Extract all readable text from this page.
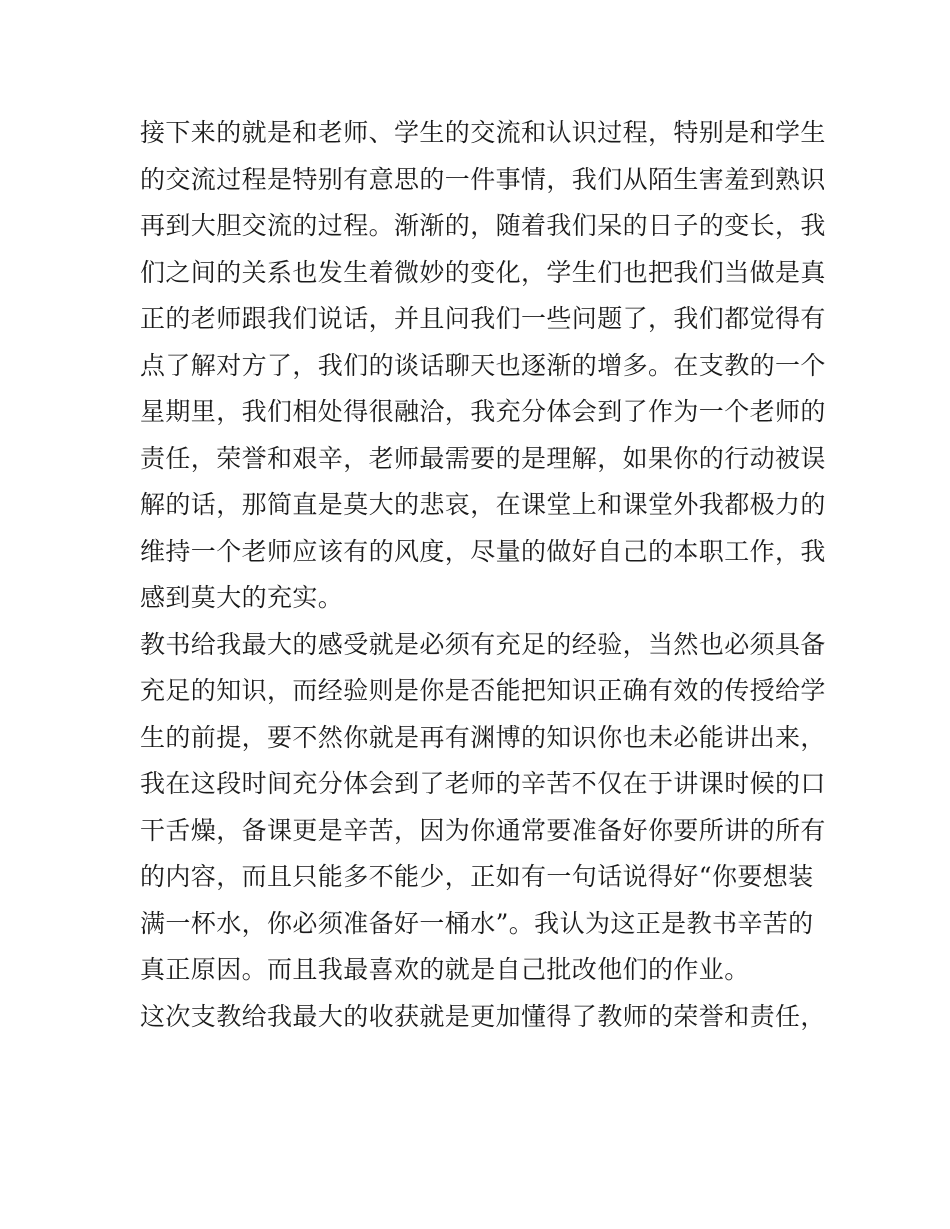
接下来的就是和老师、学生的交流和认识过程，特别是和学生
的交流过程是特别有意思的一件事情，我们从陌生害羞到熟识
再到大胆交流的过程。渐渐的，随着我们呆的日子的变长，我
们之间的关系也发生着微妙的变化，学生们也把我们当做是真
正的老师跟我们说话，并且问我们一些问题了，我们都觉得有
点了解对方了，我们的谈话聊天也逐渐的增多。在支教的一个
星期里，我们相处得很融洽，我充分体会到了作为一个老师的
责任，荣誉和艰辛，老师最需要的是理解，如果你的行动被误
解的话，那简直是莫大的悲哀，在课堂上和课堂外我都极力的
维持一个老师应该有的风度，尽量的做好自己的本职工作，我
感到莫大的充实。
教书给我最大的感受就是必须有充足的经验，当然也必须具备
充足的知识，而经验则是你是否能把知识正确有效的传授给学
生的前提，要不然你就是再有渊博的知识你也未必能讲出来，
我在这段时间充分体会到了老师的辛苦不仅在于讲课时候的口
干舌燥，备课更是辛苦，因为你通常要准备好你要所讲的所有
的内容，而且只能多不能少，正如有一句话说得好“你要想装
满一杯水，你必须准备好一桶水”。我认为这正是教书辛苦的
真正原因。而且我最喜欢的就是自己批改他们的作业。
这次支教给我最大的收获就是更加懂得了教师的荣誉和责任，
